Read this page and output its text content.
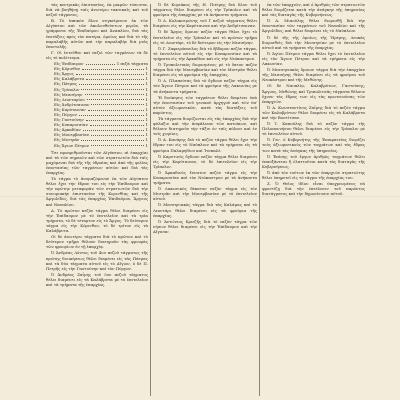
τὰς κεντρικὰς ἐπιστασίας, ἐκ μικρῶν τόσωντα, διὰ νὰ βοηθήσῃ ταῖς ἀνωτέρω τακτικαῖς καὶ τοῦ πεζοῦ τάγματος.

Β. Τὸ ἱππικὸν ὅλον συγκείμενον ἐκ τῶν Αἰγύπτου καὶ τῶν ἀκολουθούντων μερῶν, τὰ γράμματα τῆς Ἐπιδαύρου καὶ Ἀναπλίου, διὰ τὰς ἐπιτάξεις πρὸς τὸν πατέρα, ὁμοίως καὶ διὰ τὸ τῆς παραλαβῆς αὐτῶν καὶ τὴν παραλαβὴν διὰ μιᾶς ἐπιστολῆς.

Γ. Οἱ ἐντεῦθεν καὶ πεζοὶ τῶν ταγμάτων τὰ δὲ εἰς τὸ πολίτευμα.

Εἰς Ἐπίδαυρον	1 πεζὰ τάγματα
Εἰς Κόρινθον	1
Εἰς Ἄργος	1
Εἰς Καλάβρυτα	1
Εἰς Πάτρας	1
Εἰς Τρίπολιν	1
Εἰς Μεσσήνην	1
Εἰς Λεονταρίου	1
Εἰς Ἀνδρίτσαιναν	1
Εἰς Καρύταιναν	1
Εἰς Πύργον	1
Εἰς Γαστούνην	1
Εἰς Κυπαρισσίαν	1
Εἰς Ἀρκαδίαν	1
Εἰς Μονεμβασίαν	1
Εἰς Μιστρᾶν	1
Εἰς Ἄγιον Πέτρον	1

Ὅτι προαριθμοῦνται τῶν Αἰγύπτου, αἱ ἐπαρχίαι καὶ τὰ τῶν σημαιῶν καὶ τῶν στρατιωτῶν διὰ ταῖς μαχόμεναι διὰ τῆς τῆς ὑδραίας καὶ ἀπὸ τῆς φιλίας ἐπιστασίας τῶν ταγμάτων αὐτῶν καὶ διὰ τὰς ἐπαρχίας.

Τὸ τάγμα τὸ ἀνομαζόμενον ἐκ τῶν Αἰγύπτου θέλει ἔχει τὴν ἕδραν του εἰς τὴν Ἐπίδαυρον καὶ τὴν πρώτην μεταφορὰν τῶν στρατιωτῶν διὰ τὴν συνοριακὴν ἐπιστασίαν τῆς Κορινθίας καὶ τῆς Ἀργολίδος, διὰ τὰς ἐπαρχίας Ἐπιδαύρου, Ἄργους καὶ Ναυπλίου.

Α. Τὸ πρῶτον πεζὸν τάγμα θέλει διαμένει εἰς τὴν Ἐπίδαυρον μὲ τὸ ἐπιτελεῖον καὶ τὰ τρία τμήματα, τὸ δὲ τέταρτον εἰς τὸ Ἄργος. Τὸ δεύτερον τάγμα εἰς τὴν Κόρινθον, τὸ δὲ τρίτον εἰς τὰ Καλάβρυτα.

Οἱ δὲ ἀνωτέρω τάγματα διὰ τὸ πρῶτον καὶ τὸ δεύτερον τμῆμα θέλουν διατηροῦν τὰς φρουρὰς τῶν φρουρίων ἐν τῇ ἐπαρχίᾳ.

Ὁ Ἀνδρέας Λόντος τοῦ 4ου πεζοῦ τάγματος τῆς πρώτης διοικήσεως θέλει διαμένει εἰς τὰς Πάτρας καὶ τὰ δύο τάγματα αὐτοῦ εἰς τὸ Αἴγιον, ὁ δὲ Π. Πετρῆς εἰς τὴν Γαστούνην καὶ τὸν Πύργον.

Ὁ Ἀνδρέας Ζαΐμης τοῦ 5ου πεζοῦ τάγματος θέλει διαμένει εἰς τὰ Καλάβρυτα μὲ τὸ ἐπιτελεῖον καὶ τὰ τμήματα τῆς ἐπαρχίας.

Ὁ δὲ Κυριάκος τῆς Η. Πιέτρης διὰ ὅλου τοῦ τάγματος θέλει διαμένει εἰς τὴν Τρίπολιν καὶ τὰ φρούρια τῆς ἐπαρχίας μὲ τὰ ἀνήκοντα τμήματα.

Ὁ Δ. Κολοκοτρώνης τοῦ Γ πεζοῦ τάγματος θέλει διαμένει εἰς τὴν Καρύταιναν καὶ τὴν Ἀνδρίτσαιναν.

Ὁ δὲ Ἄργος ὅμοιον πεζὸν τάγμα θέλει ἔχει τὸ ἐπιτελεῖον εἰς τὴν Τρίπολιν καὶ τὸ πρῶτον τμῆμα εἰς τὸ Λεοντάρι, τὸ δὲ δεύτερον εἰς τὴν Μεσσήνην.

Ὁ Γ. Ζαφειρόπουλος διὰ τὸ ἔβδομον πεζὸν τάγμα, τὸ ἐπιτελεῖον αὐτοῦ εἰς τὴν Κυπαρισσίαν καὶ τὰ τμήματα εἰς τὴν Ἀρκαδίαν καὶ εἰς τὴν Νεόκαστρον.

Ὁ Τρυπολιτικὸς διορισμένος μὲ τὸ ἕκτον πεζὸν τάγμα διὰ τὴν Μονεμβασίαν καὶ τὸν Μιστρᾶν θέλει διαμένει εἰς τὰ φρούρια τῆς ἐπαρχίας.

Ὁ Δ. Πλαπούτας διὰ τὸ ὄγδοον πεζὸν τάγμα εἰς τὸν Ἅγιον Πέτρον καὶ τὰ φρούρια τῆς Λακωνίας μὲ τὰ ἀνήκοντα τμήματα.

Ἡ διοίκησις τῶν ταγμάτων θέλει διαμένει ὑπὸ τὴν ἐπιστασίαν τοῦ γενικοῦ ἀρχηγοῦ καὶ τῶν ὑπ' αὐτὸν ἀξιωματικῶν, κατὰ τὰς διατάξεις τοῦ παρόντος.

Τὰ τάγματα διορίζονται εἰς τὰς ἐπαρχίας διὰ τὴν φύλαξιν καὶ τὴν ἀσφάλειαν τῶν κατοίκων, καὶ θέλουν διατηροῦν τὴν τάξιν ἐν ταῖς πόλεσι καὶ ἐν τοῖς χωρίοις.

Ὁ Α. Κανάρης διὰ τὸ πεζὸν τάγμα θέλει ἔχει τὴν ἕδραν του εἰς τὸ Ναύπλιον καὶ τὰ τμήματα εἰς τὰ φρούρια Παλαμηδίου καὶ Ἰτσκαλέ.

Ὁ Καρυτινὸς ὄγδοον πεζὸν τάγμα θέλει διαμένει εἰς τὴν Καρύταιναν, τὸ δὲ ἐπιτελεῖον εἰς τὴν Τρίπολιν.

Ὁ Ἀρκαδινὸς ἔννατον πεζὸν τάγμα εἰς τὴν Κυπαρισσίαν καὶ τὸν Νεόκαστρον μὲ τὰ ἀνήκοντα τμήματα.

Ὁ Λακωνικὸς δέκατον πεζὸν τάγμα εἰς τὸν Μιστρᾶν καὶ τὴν Μονεμβασίαν μὲ τὸ ἐπιτελεῖον αὐτοῦ.

Ὁ Μεσσηνιακὸς τάγμα διὰ τὰς Καλάμας καὶ τὸ Λεοντάρι θέλει διαμένει εἰς τὰ φρούρια τῆς ἐπαρχίας.

Ὁ Ἀντώνιος Κριεζῆς διὰ τὸ πεζὸν τάγμα τῶν νήσων θέλει διαμένει εἰς τὴν Ἐπίδαυρον καὶ τὴν Αἴγιναν.

ἐκ τῶν ἐπαρχιῶν, καὶ ὁ ἀριθμὸς τῶν στρατιωτῶν θέλει διορίζεται κατὰ τὴν ἀνάγκην τῆς ὑπηρεσίας καὶ τὰς διαταγὰς τῆς Κυβερνήσεως.

Ὁ Α. Μιαούλης θέλει διορισθῇ διὰ τὴν ἐπιστασίαν τῶν ταγμάτων τοῦ Ναυπλίου καὶ τῆς Ἀργολίδος, καὶ θέλει διαμένει εἰς τὸ Ναύπλιον.

Ὁ δὲ τῆς τῆς ὁμοίως τῆς Ἡρέμης, Λευκάς διορισθεὶς διὰ τὴν Μεσσηνίαν μὲ τὸ ἐπιτελεῖον αὐτοῦ καὶ τὰ τμήματα τῆς ἐπαρχίας.

Ὁ Ἀγίου Πέτρου τάγμα θέλει ἔχει τὸ ἐπιτελεῖον εἰς τὸν Ἅγιον Πέτρον καὶ τὰ τμήματα εἰς τὴν Λακωνίαν.

Ὁ Μεσσηνιακὸς ὅμοιον τάγμα διὰ τὴν ἐπαρχίαν τῆς Μεσσήνης θέλει διαμένει εἰς τὰ φρούρια τοῦ Νεοκάστρου καὶ τῆς Μεθώνης.

Οἱ δὲ Ναυπλίῳ, Καλαβρύτων, Γαστούνης, Ἄργους, Μεθώνης καὶ Τριπολιτσᾶς τάγματα θέλουν ἔχουν τὰς ἕδρας των εἰς τὰς πρωτευούσας τῶν ἐπαρχιῶν.

Ὁ Α. Κωνσταντῖνος Ζαΐμης διὰ τὸ πεζὸν τάγμα τῶν Καλαβρύτων θέλει διαμένει εἰς τὰ Καλάβρυτα καὶ τὴν Βοστίτσαν.

Ὁ Ἰ. Καπούλης διὰ τὸ πεζὸν τάγμα τῆς Πελοποννήσου θέλει διαμένει εἰς τὴν Τρίπολιν μὲ τὸ ἐπιτελεῖον αὐτοῦ.

Ὁ Γεν. ὁ Κυβερνήτης τῆς Ἐπικρατείας διορίζει τοὺς ἀξιωματικοὺς τῶν ταγμάτων καὶ τὰς ἕδρας των κατὰ τὰς ἀνάγκας τῆς ὑπηρεσίας.

Ὁ Ἐπίσης τοῦ ἔργου ἀριθμὸς ταγμάτων θέλει ἐπαυξάνεται ἢ ἐλαττοῦται κατὰ τὰς διαταγὰς τῆς Κυβερνήσεως.

Ὁ ἀπὸ τὸν τούτων ἐκ τῶν ἐπαρχιῶν στρατιώτης θέλει ὑπηρετεῖ εἰς τὸ τάγμα τῆς ἐπαρχίας του.

Ζ. Ὁ Θεῖος ἰδίου εἶναι ὑποχρεωμένος νὰ φροντίζῃ διὰ τὴν ἐκτέλεσιν τοῦ παρόντος διατάγματος καὶ τὴν δημοσίευσιν αὐτοῦ.
